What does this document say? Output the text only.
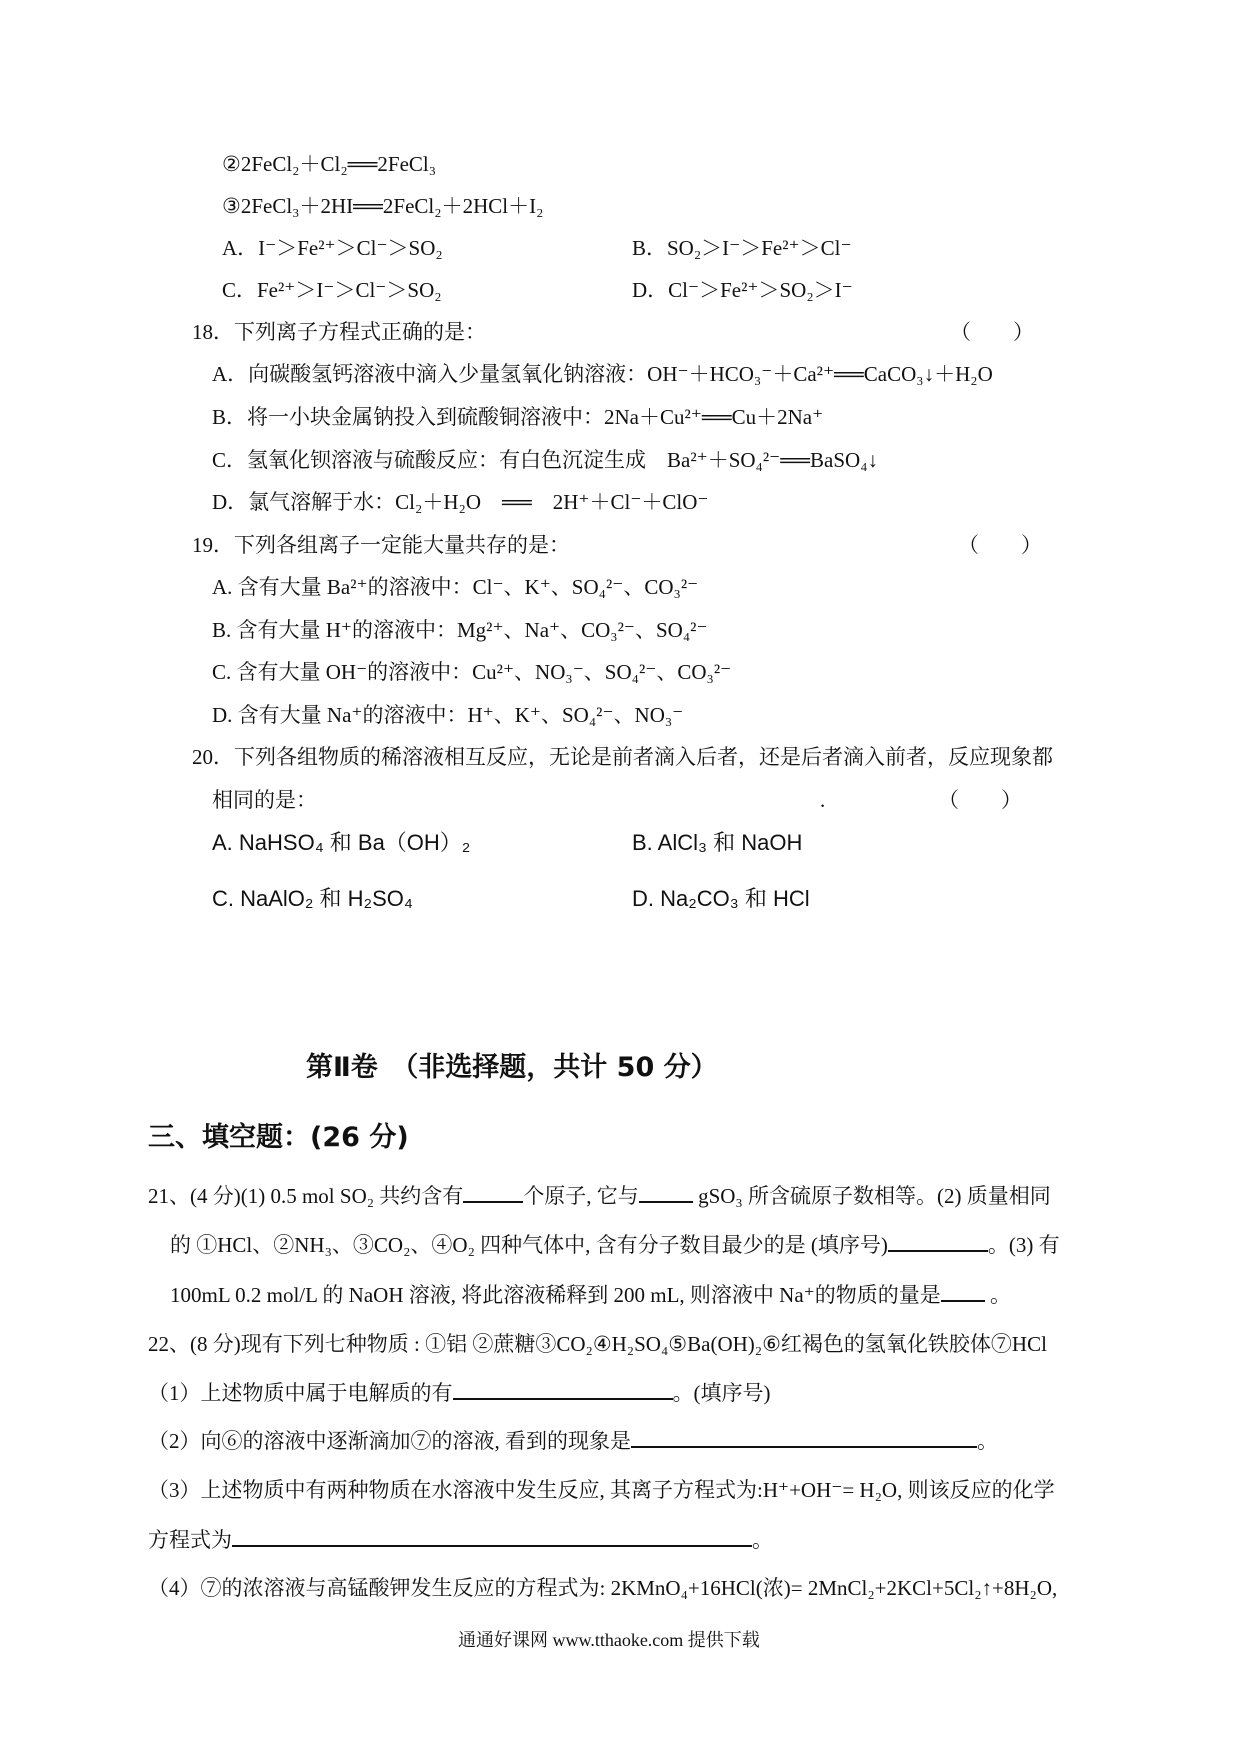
②2FeCl₂＋Cl₂══2FeCl₃
③2FeCl₃＋2HI══2FeCl₂＋2HCl＋I₂
A．I⁻＞Fe²⁺＞Cl⁻＞SO₂	B．SO₂＞I⁻＞Fe²⁺＞Cl⁻
C．Fe²⁺＞I⁻＞Cl⁻＞SO₂	D．Cl⁻＞Fe²⁺＞SO₂＞I⁻
18．下列离子方程式正确的是：	（　　）
A．向碳酸氢钙溶液中滴入少量氢氧化钠溶液：OH⁻＋HCO₃⁻＋Ca²⁺══CaCO₃↓＋H₂O
B．将一小块金属钠投入到硫酸铜溶液中：2Na＋Cu²⁺══Cu＋2Na⁺
C．氢氧化钡溶液与硫酸反应：有白色沉淀生成　Ba²⁺＋SO₄²⁻══BaSO₄↓
D．氯气溶解于水：Cl₂＋H₂O　══　2H⁺＋Cl⁻＋ClO⁻
19．下列各组离子一定能大量共存的是：	（　　）
A. 含有大量 Ba²⁺的溶液中：Cl⁻、K⁺、SO₄²⁻、CO₃²⁻
B. 含有大量 H⁺的溶液中：Mg²⁺、Na⁺、CO₃²⁻、SO₄²⁻
C. 含有大量 OH⁻的溶液中：Cu²⁺、NO₃⁻、SO₄²⁻、CO₃²⁻
D. 含有大量 Na⁺的溶液中：H⁺、K⁺、SO₄²⁻、NO₃⁻
20．下列各组物质的稀溶液相互反应，无论是前者滴入后者，还是后者滴入前者，反应现象都
相同的是：	.	（　　）
A. NaHSO₄ 和 Ba（OH）₂	B. AlCl₃ 和 NaOH
C. NaAlO₂ 和 H₂SO₄	D. Na₂CO₃ 和 HCl
第Ⅱ卷　（非选择题，共计 50 分）
三、填空题：(26 分)
21、(4 分)(1) 0.5 mol SO₂ 共约含有	个原子, 它与	gSO₃ 所含硫原子数相等。(2) 质量相同
的 ①HCl、②NH₃、③CO₂、④O₂ 四种气体中, 含有分子数目最少的是 (填序号)	。(3) 有
100mL 0.2 mol/L 的 NaOH 溶液, 将此溶液稀释到 200 mL, 则溶液中 Na⁺的物质的量是 。
22、(8 分)现有下列七种物质 : ①铝 ②蔗糖③CO₂④H₂SO₄⑤Ba(OH)₂⑥红褐色的氢氧化铁胶体⑦HCl
（1）上述物质中属于电解质的有	。(填序号)
（2）向⑥的溶液中逐渐滴加⑦的溶液, 看到的现象是	。
（3）上述物质中有两种物质在水溶液中发生反应, 其离子方程式为:H⁺+OH⁻= H₂O, 则该反应的化学
方程式为	。
（4）⑦的浓溶液与高锰酸钾发生反应的方程式为: 2KMnO₄+16HCl(浓)= 2MnCl₂+2KCl+5Cl₂↑+8H₂O,
通通好课网 www.tthaoke.com 提供下载
